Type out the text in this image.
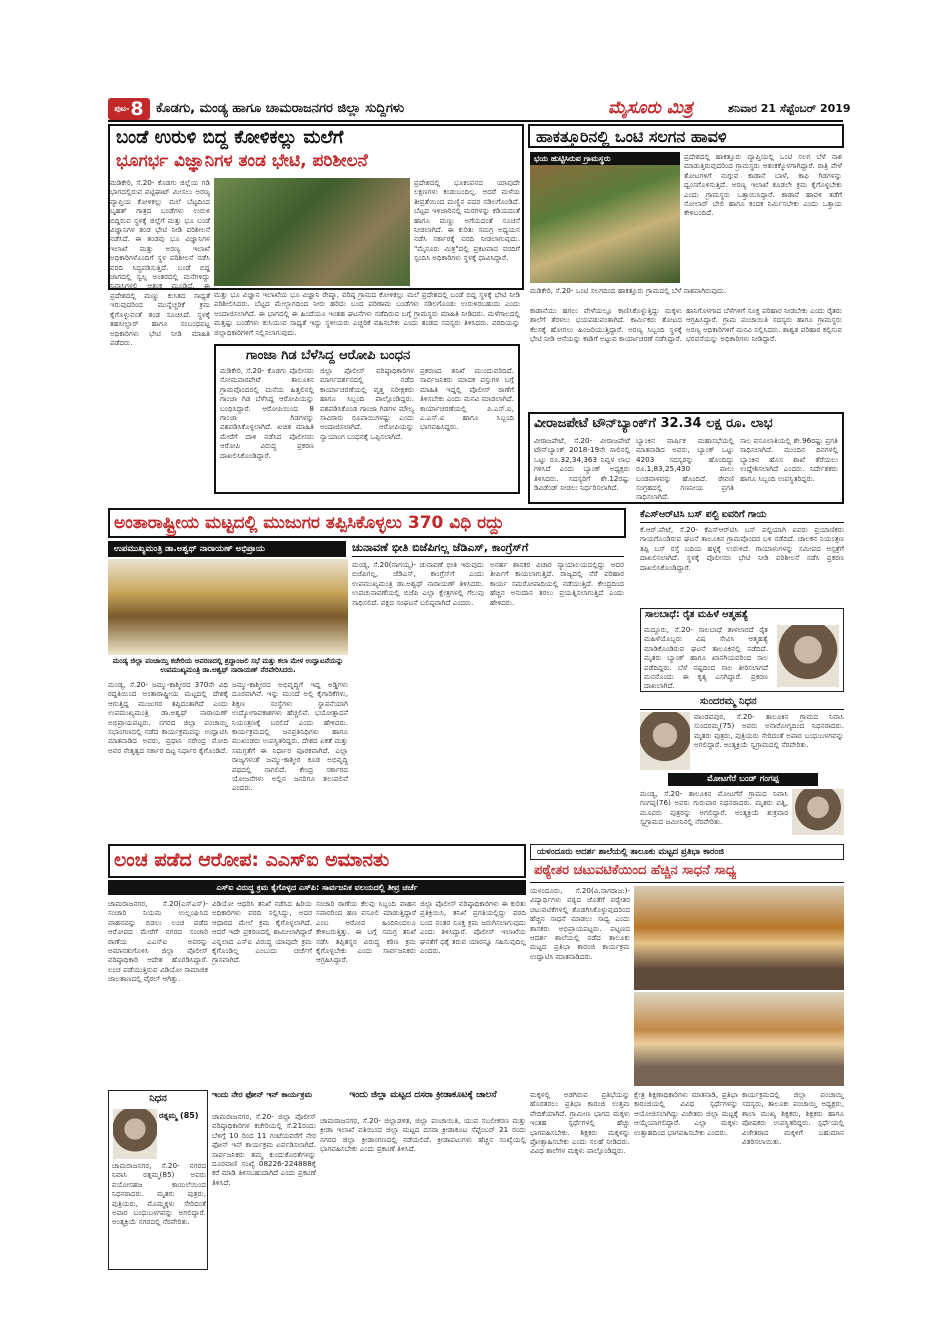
ಪುಟ- 8 ಕೊಡಗು, ಮಂಡ್ಯ ಹಾಗೂ ಚಾಮರಾಜನಗರ ಜಿಲ್ಲಾ ಸುದ್ದಿಗಳು	ಮೈಸೂರು ಮಿತ್ರ	ಶನಿವಾರ 21 ಸೆಪ್ಟೆಂಬರ್ 2019
ಬಂಡೆ ಉರುಳಿ ಬಿದ್ದ ಕೋಳಿಕಲ್ಲು ಮಲೆಗೆ
ಭೂಗರ್ಭ ವಿಜ್ಞಾನಿಗಳ ತಂಡ ಭೇಟಿ, ಪರಿಶೀಲನೆ
ಮಡಿಕೇರಿ, ಸೆ.20- ಕೊಡಗು ಜಿಲ್ಲೆಯ ಗಡಿ ಭಾಗದಲ್ಲಿರುವ ಪಟ್ಟಿಘಾಟ್ ಮೀಸಲು ಅರಣ್ಯ ವ್ಯಾಪ್ತಿಯ ಕೋಳಿಕಲ್ಲು ಮಲೆ ಬೆಟ್ಟದಿಂದ ಬೃಹತ್ ಗಾತ್ರದ ಬಂಡೆಗಳು ಉರುಳಿ ಬಿದ್ದಿರುವ ಸ್ಥಳಕ್ಕೆ ಜಿಲ್ಲೆಗೆ ಮತ್ತು ಭೂ ಬಂಡೆ ವಿಜ್ಞಾನಿಗಳ ತಂಡ ಭೇಟಿ ನೀಡಿ ಪರಿಶೀಲನೆ ನಡೆಸಿದೆ. ಈ ತಂಡವು ಭೂ ವಿಜ್ಞಾನಿಗಳ ಇಲಾಖೆ ಮತ್ತು ಅರಣ್ಯ ಇಲಾಖೆ ಅಧಿಕಾರಿಗಳೊಂದಿಗೆ ಸ್ಥಳ ಪರಿಶೀಲನೆ ನಡೆಸಿ ವರದಿ ಸಿದ್ಧಪಡಿಸುತ್ತಿದೆ. ಬಂಡೆ ಬಿದ್ದ ಜಾಗದಲ್ಲಿ ಸ್ವಲ್ಪ ಅಂತರದಲ್ಲಿ ಮನೆಗಳಿದ್ದು ನಿವಾಸಿಗಳಲ್ಲಿ ಆತಂಕ ಮೂಡಿದೆ. ಈ ಪ್ರದೇಶದಲ್ಲಿ ಮಣ್ಣು ಕುಸಿತದ ಸಾಧ್ಯತೆ ಇರುವುದರಿಂದ ಮುನ್ನೆಚ್ಚರಿಕೆ ಕ್ರಮ ಕೈಗೊಳ್ಳುವಂತೆ ತಂಡ ಸೂಚಿಸಿದೆ. ಸ್ಥಳಕ್ಕೆ ತಹಸೀಲ್ದಾರ್ ಹಾಗೂ ಸಂಬಂಧಪಟ್ಟ ಅಧಿಕಾರಿಗಳು ಭೇಟಿ ನೀಡಿ ಮಾಹಿತಿ ಪಡೆದರು.
ಪ್ರದೇಶದಲ್ಲಿ ಭೂಕಂಪನದ ಯಾವುದೇ ಲಕ್ಷಣಗಳು ಕಂಡುಬಂದಿಲ್ಲ. ಆದರೆ ಮಳೆಯ ತೀವ್ರತೆಯಿಂದ ಮಣ್ಣಿನ ಪದರ ಸಡಿಲಗೊಂಡಿದೆ. ಬೆಟ್ಟದ ಇಳಿಜಾರಿನಲ್ಲಿ ಮರಗಳನ್ನು ಕಡಿಯದಂತೆ ಹಾಗೂ ಮಣ್ಣು ಅಗೆಯದಂತೆ ಸೂಚನೆ ನೀಡಲಾಗಿದೆ. ಈ ಕುರಿತು ಸಮಗ್ರ ಅಧ್ಯಯನ ನಡೆಸಿ ಸರ್ಕಾರಕ್ಕೆ ವರದಿ ನೀಡಲಾಗುವುದು. "ಮೈಸೂರು ಮಿತ್ರ"ದಲ್ಲಿ ಪ್ರಕಟವಾದ ವರದಿಗೆ ಸ್ಪಂದಿಸಿ ಅಧಿಕಾರಿಗಳು ಸ್ಥಳಕ್ಕೆ ಧಾವಿಸಿದ್ದಾರೆ.
ಮತ್ತು ಭೂ ವಿಜ್ಞಾನ ಇಲಾಖೆಯ ಭೂ ವಿಜ್ಞಾನಿ ರೇಷ್ಮಾ, ವರಿಷ್ಠ ಗ್ರಾಮದ ಕೋಳಿಕಲ್ಲು ಮಲೆ ಪ್ರದೇಶದಲ್ಲಿ ಬಂಡೆ ಬಿದ್ದ ಸ್ಥಳಕ್ಕೆ ಭೇಟಿ ನೀಡಿ ಪರಿಶೀಲಿಸಿದರು. ಬೆಟ್ಟದ ಮೇಲ್ಭಾಗದಿಂದ ನೀರು ಹರಿದು ಬಂದ ಪರಿಣಾಮ ಬಂಡೆಗಳು ಸಡಿಲಗೊಂಡು ಉರುಳಿರಬಹುದು ಎಂದು ಅಂದಾಜಿಸಲಾಗಿದೆ. ಈ ಭಾಗದಲ್ಲಿ ಈ ಹಿಂದೆಯೂ ಇಂತಹ ಘಟನೆಗಳು ನಡೆದಿರುವ ಬಗ್ಗೆ ಗ್ರಾಮಸ್ಥರು ಮಾಹಿತಿ ನೀಡಿದರು. ಮಳೆಗಾಲದಲ್ಲಿ ಮತ್ತಷ್ಟು ಬಂಡೆಗಳು ಕುಸಿಯುವ ಸಾಧ್ಯತೆ ಇದ್ದು ಸ್ಥಳೀಯರು ಎಚ್ಚರಿಕೆ ವಹಿಸಬೇಕು ಎಂದು ತಂಡದ ಸದಸ್ಯರು ತಿಳಿಸಿದರು. ವರದಿಯನ್ನು ಜಿಲ್ಲಾಧಿಕಾರಿಗಳಿಗೆ ಸಲ್ಲಿಸಲಾಗುವುದು.
ಗಾಂಜಾ ಗಿಡ ಬೆಳೆಸಿದ್ದ ಆರೋಪಿ ಬಂಧನ
ಮಡಿಕೇರಿ, ಸೆ.20- ಕೊಡಗು ಪೊಲೀಸರು ಸೋಮವಾರಪೇಟೆ ತಾಲೂಕಿನ ಗ್ರಾಮವೊಂದರಲ್ಲಿ ಮನೆಯ ಹಿತ್ತಲಿನಲ್ಲಿ ಗಾಂಜಾ ಗಿಡ ಬೆಳೆಸಿದ್ದ ಆರೋಪಿಯನ್ನು ಬಂಧಿಸಿದ್ದಾರೆ. ಆರೋಪಿಯಿಂದ 8 ಗಾಂಜಾ ಗಿಡಗಳನ್ನು ವಶಪಡಿಸಿಕೊಳ್ಳಲಾಗಿದೆ. ಖಚಿತ ಮಾಹಿತಿ ಮೇರೆಗೆ ದಾಳಿ ನಡೆಸಿದ ಪೊಲೀಸರು ಆರೋಪಿ ವಿರುದ್ಧ ಪ್ರಕರಣ ದಾಖಲಿಸಿಕೊಂಡಿದ್ದಾರೆ.
ಜಿಲ್ಲಾ ಪೊಲೀಸ್ ವರಿಷ್ಠಾಧಿಕಾರಿಗಳ ಮಾರ್ಗದರ್ಶನದಲ್ಲಿ ನಡೆದ ಕಾರ್ಯಾಚರಣೆಯಲ್ಲಿ ವೃತ್ತ ನಿರೀಕ್ಷಕರು ಹಾಗೂ ಸಿಬ್ಬಂದಿ ಪಾಲ್ಗೊಂಡಿದ್ದರು. ವಶಪಡಿಸಿಕೊಂಡ ಗಾಂಜಾ ಗಿಡಗಳ ಮೌಲ್ಯ ಸಾವಿರಾರು ರೂಪಾಯಿಗಳಷ್ಟು ಎಂದು ಅಂದಾಜಿಸಲಾಗಿದೆ. ಆರೋಪಿಯನ್ನು ನ್ಯಾಯಾಂಗ ಬಂಧನಕ್ಕೆ ಒಪ್ಪಿಸಲಾಗಿದೆ.
ಪ್ರಕರಣದ ತನಿಖೆ ಮುಂದುವರಿದಿದೆ. ಸಾರ್ವಜನಿಕರು ಮಾದಕ ವಸ್ತುಗಳ ಬಗ್ಗೆ ಮಾಹಿತಿ ಇದ್ದಲ್ಲಿ ಪೊಲೀಸ್ ಠಾಣೆಗೆ ತಿಳಿಸಬೇಕು ಎಂದು ಮನವಿ ಮಾಡಲಾಗಿದೆ. ಕಾರ್ಯಾಚರಣೆಯಲ್ಲಿ ಪಿ.ಎಸ್.ಐ, ಎ.ಎಸ್.ಐ ಹಾಗೂ ಸಿಬ್ಬಂದಿ ಭಾಗವಹಿಸಿದ್ದರು.
ಹಾಕತ್ತೂರಿನಲ್ಲಿ ಒಂಟಿ ಸಲಗನ ಹಾವಳಿ
ಭಯ ಹುಟ್ಟಿಸಿರುವ ಗ್ರಾಮಸ್ಥರು	ಪ್ರದೇಶದಲ್ಲಿ ಹಾಕತ್ತೂರು ವ್ಯಾಪ್ತಿಯಲ್ಲಿ ಒಂಟಿ ಸಲಗ ಬೆಳೆ ನಾಶ ಮಾಡುತ್ತಿರುವುದರಿಂದ ಗ್ರಾಮಸ್ಥರು ಆತಂಕಕ್ಕೊಳಗಾಗಿದ್ದಾರೆ. ರಾತ್ರಿ ವೇಳೆ ತೋಟಗಳಿಗೆ ನುಗ್ಗುವ ಕಾಡಾನೆ ಬಾಳೆ, ಕಾಫಿ ಗಿಡಗಳನ್ನು ಧ್ವಂಸಗೊಳಿಸುತ್ತಿದೆ. ಅರಣ್ಯ ಇಲಾಖೆ ಕೂಡಲೇ ಕ್ರಮ ಕೈಗೊಳ್ಳಬೇಕು ಎಂದು ಗ್ರಾಮಸ್ಥರು ಒತ್ತಾಯಿಸಿದ್ದಾರೆ. ಕಾಡಾನೆ ಹಾವಳಿ ತಡೆಗೆ ಸೋಲಾರ್ ಬೇಲಿ ಹಾಗೂ ಕಂದಕ ನಿರ್ಮಿಸಬೇಕು ಎಂದು ಒತ್ತಾಯ ಕೇಳಿಬಂದಿದೆ.
ಮಡಿಕೇರಿ, ಸೆ.20- ಒಂಟಿ ಸಲಗದಿಂದ ಹಾಕತ್ತೂರು ಗ್ರಾಮದಲ್ಲಿ ಬೆಳೆ ನಾಶವಾಗಿರುವುದು.
ಕಾಡಾನೆಯು ಹಗಲು ವೇಳೆಯಲ್ಲೂ ಕಾಣಿಸಿಕೊಳ್ಳುತ್ತಿದ್ದು ಮಕ್ಕಳು ಶಾಲೆಗೆ ತೆರಳಲು ಭಯಪಡುವಂತಾಗಿದೆ. ಕಾರ್ಮಿಕರು ತೋಟದ ಕೆಲಸಕ್ಕೆ ಹೋಗಲು ಹಿಂಜರಿಯುತ್ತಿದ್ದಾರೆ. ಅರಣ್ಯ ಸಿಬ್ಬಂದಿ ಸ್ಥಳಕ್ಕೆ ಭೇಟಿ ನೀಡಿ ಆನೆಯನ್ನು ಕಾಡಿಗೆ ಅಟ್ಟುವ ಕಾರ್ಯಾಚರಣೆ ನಡೆಸಿದ್ದಾರೆ.
ಹಾನಿಗೊಳಗಾದ ಬೆಳೆಗಳಿಗೆ ಸೂಕ್ತ ಪರಿಹಾರ ನೀಡಬೇಕು ಎಂದು ರೈತರು ಆಗ್ರಹಿಸಿದ್ದಾರೆ. ಗ್ರಾಮ ಪಂಚಾಯಿತಿ ಸದಸ್ಯರು ಹಾಗೂ ಗ್ರಾಮಸ್ಥರು ಅರಣ್ಯ ಅಧಿಕಾರಿಗಳಿಗೆ ಮನವಿ ಸಲ್ಲಿಸಿದರು. ಶಾಶ್ವತ ಪರಿಹಾರ ಕಲ್ಪಿಸುವ ಭರವಸೆಯನ್ನು ಅಧಿಕಾರಿಗಳು ನೀಡಿದ್ದಾರೆ.
ವೀರಾಜಪೇಟೆ ಟೌನ್‌ಬ್ಯಾಂಕ್‌ಗೆ 32.34 ಲಕ್ಷ ರೂ. ಲಾಭ
ವೀರಾಜಪೇಟೆ, ಸೆ.20- ವೀರಾಜಪೇಟೆ ಟೌನ್‌ಬ್ಯಾಂಕ್ 2018-19ನೇ ಸಾಲಿನಲ್ಲಿ ಒಟ್ಟು ರೂ.32,34,363 ನಿವ್ವಳ ಲಾಭ ಗಳಿಸಿದೆ ಎಂದು ಬ್ಯಾಂಕ್ ಅಧ್ಯಕ್ಷರು ತಿಳಿಸಿದರು. ಸದಸ್ಯರಿಗೆ ಶೇ.12ರಷ್ಟು ಡಿವಿಡೆಂಡ್ ನೀಡಲು ನಿರ್ಧರಿಸಲಾಗಿದೆ.
ಬ್ಯಾಂಕಿನ ವಾರ್ಷಿಕ ಮಹಾಸಭೆಯಲ್ಲಿ ಮಾತನಾಡಿದ ಅವರು, ಬ್ಯಾಂಕ್ ಒಟ್ಟು 4203 ಸದಸ್ಯರನ್ನು ಹೊಂದಿದ್ದು ರೂ.1,83,25,430 ಪಾಲು ಬಂಡವಾಳವನ್ನು ಹೊಂದಿದೆ. ಠೇವಣಿ ಸಂಗ್ರಹದಲ್ಲಿ ಗಣನೀಯ ಪ್ರಗತಿ ಸಾಧಿಸಲಾಗಿದೆ.
ಸಾಲ ವಸೂಲಾತಿಯಲ್ಲಿ ಶೇ.96ರಷ್ಟು ಪ್ರಗತಿ ಸಾಧಿಸಲಾಗಿದೆ. ಮುಂದಿನ ದಿನಗಳಲ್ಲಿ ಬ್ಯಾಂಕಿನ ಹೊಸ ಶಾಖೆ ತೆರೆಯಲು ಉದ್ದೇಶಿಸಲಾಗಿದೆ ಎಂದರು. ನಿರ್ದೇಶಕರು ಹಾಗೂ ಸಿಬ್ಬಂದಿ ಉಪಸ್ಥಿತರಿದ್ದರು.
ಅಂತಾರಾಷ್ಟ್ರೀಯ ಮಟ್ಟದಲ್ಲಿ ಮುಜುಗರ ತಪ್ಪಿಸಿಕೊಳ್ಳಲು 370 ವಿಧಿ ರದ್ದು
ಉಪಮುಖ್ಯಮಂತ್ರಿ ಡಾ.ಅಶ್ವಥ್ ನಾರಾಯಣ್ ಅಭಿಪ್ರಾಯ
ಮಂಡ್ಯ ಜಿಲ್ಲಾ ಪಂಚಾಯ್ತಿ ಕಚೇರಿಯ ಆವರಣದಲ್ಲಿ ಶ್ರದ್ಧಾಂಜಲಿ ಸಭೆ ಮತ್ತು ಕಲಾ ಮೇಳ ಉದ್ಘಾಟನೆಯನ್ನು ಉಪಮುಖ್ಯಮಂತ್ರಿ ಡಾ.ಅಶ್ವಥ್ ನಾರಾಯಣ್ ನೆರವೇರಿಸಿದರು.
ಮಂಡ್ಯ, ಸೆ.20- ಜಮ್ಮು-ಕಾಶ್ಮೀರದ 370ನೇ ವಿಧಿ ರದ್ದತಿಯಿಂದ ಅಂತಾರಾಷ್ಟ್ರೀಯ ಮಟ್ಟದಲ್ಲಿ ದೇಶಕ್ಕೆ ಆಗುತ್ತಿದ್ದ ಮುಜುಗರ ತಪ್ಪಿದಂತಾಗಿದೆ ಎಂದು ಉಪಮುಖ್ಯಮಂತ್ರಿ ಡಾ.ಅಶ್ವಥ್ ನಾರಾಯಣ್ ಅಭಿಪ್ರಾಯಪಟ್ಟರು. ನಗರದ ಜಿಲ್ಲಾ ಪಂಚಾಯ್ತಿ ಸಭಾಂಗಣದಲ್ಲಿ ನಡೆದ ಕಾರ್ಯಕ್ರಮವನ್ನು ಉದ್ಘಾಟಿಸಿ ಮಾತನಾಡಿದ ಅವರು, ಪ್ರಧಾನಿ ನರೇಂದ್ರ ಮೋದಿ ಅವರ ನೇತೃತ್ವದ ಸರ್ಕಾರ ದಿಟ್ಟ ನಿರ್ಧಾರ ಕೈಗೊಂಡಿದೆ.
ಜಮ್ಮು-ಕಾಶ್ಮೀರದ ಅಭಿವೃದ್ಧಿಗೆ ಇದ್ದ ಅಡ್ಡಿಗಳು ದೂರವಾಗಿವೆ. ಇನ್ನು ಮುಂದೆ ಅಲ್ಲಿ ಕೈಗಾರಿಕೆಗಳು, ಶಿಕ್ಷಣ ಸಂಸ್ಥೆಗಳು ಸ್ಥಾಪನೆಯಾಗಿ ಉದ್ಯೋಗಾವಕಾಶಗಳು ಹೆಚ್ಚಲಿವೆ. ಭಯೋತ್ಪಾದನೆ ನಿಯಂತ್ರಣಕ್ಕೆ ಬರಲಿದೆ ಎಂದು ಹೇಳಿದರು. ಕಾರ್ಯಕ್ರಮದಲ್ಲಿ ಜನಪ್ರತಿನಿಧಿಗಳು ಹಾಗೂ ಮುಖಂಡರು ಉಪಸ್ಥಿತರಿದ್ದರು. ದೇಶದ ಏಕತೆ ಮತ್ತು ಸಮಗ್ರತೆಗೆ ಈ ನಿರ್ಧಾರ ಪೂರಕವಾಗಿದೆ. ಎಲ್ಲಾ ರಾಜ್ಯಗಳಂತೆ ಜಮ್ಮು-ಕಾಶ್ಮೀರ ಕೂಡ ಅಭಿವೃದ್ಧಿ ಪಥದಲ್ಲಿ ಸಾಗಲಿದೆ. ಕೇಂದ್ರ ಸರ್ಕಾರದ ಯೋಜನೆಗಳು ಅಲ್ಲಿನ ಜನರಿಗೂ ತಲುಪಲಿವೆ ಎಂದರು.
ಚುನಾವಣೆ ಭೀತಿ ಬಿಜೆಪಿಗಲ್ಲ ಜೆಡಿಎಸ್, ಕಾಂಗ್ರೆಸ್‌ಗೆ
ಮಂಡ್ಯ, ಸೆ.20(ನಾಗಯ್ಯ)- ಚುನಾವಣೆ ಭೀತಿ ಇರುವುದು ಬಿಜೆಪಿಗಲ್ಲ, ಜೆಡಿಎಸ್, ಕಾಂಗ್ರೆಸ್‌ಗೆ ಎಂದು ಉಪಮುಖ್ಯಮಂತ್ರಿ ಡಾ.ಅಶ್ವಥ್ ನಾರಾಯಣ್ ತಿಳಿಸಿದರು. ಉಪಚುನಾವಣೆಯಲ್ಲಿ ಬಿಜೆಪಿ ಎಲ್ಲಾ ಕ್ಷೇತ್ರಗಳಲ್ಲಿ ಗೆಲುವು ಸಾಧಿಸಲಿದೆ. ಪಕ್ಷದ ಸಂಘಟನೆ ಬಲಿಷ್ಠವಾಗಿದೆ ಎಂದರು.
ಅನರ್ಹ ಶಾಸಕರ ವಿಚಾರ ನ್ಯಾಯಾಲಯದಲ್ಲಿದ್ದು ಅದರ ತೀರ್ಪಿಗೆ ಕಾಯಲಾಗುತ್ತಿದೆ. ರಾಜ್ಯದಲ್ಲಿ ನೆರೆ ಪರಿಹಾರ ಕಾರ್ಯ ಸಮರೋಪಾದಿಯಲ್ಲಿ ನಡೆಯುತ್ತಿದೆ. ಕೇಂದ್ರದಿಂದ ಹೆಚ್ಚಿನ ಅನುದಾನ ತರಲು ಪ್ರಯತ್ನಿಸಲಾಗುತ್ತಿದೆ ಎಂದು ಹೇಳಿದರು.
ಕೆಎಸ್‌ಆರ್‌ಟಿಸಿ ಬಸ್ ಪಲ್ಟಿ ಐವರಿಗೆ ಗಾಯ
ಕೆ.ಆರ್.ಪೇಟೆ, ಸೆ.20- ಕೆಎಸ್‌ಆರ್‌ಟಿಸಿ ಬಸ್ ಪಲ್ಟಿಯಾಗಿ ಐವರು ಪ್ರಯಾಣಿಕರು ಗಾಯಗೊಂಡಿರುವ ಘಟನೆ ತಾಲೂಕಿನ ಗ್ರಾಮವೊಂದರ ಬಳಿ ನಡೆದಿದೆ. ಚಾಲಕನ ನಿಯಂತ್ರಣ ತಪ್ಪಿ ಬಸ್ ರಸ್ತೆ ಬದಿಯ ಹಳ್ಳಕ್ಕೆ ಉರುಳಿದೆ. ಗಾಯಾಳುಗಳನ್ನು ಸಮೀಪದ ಆಸ್ಪತ್ರೆಗೆ ದಾಖಲಿಸಲಾಗಿದೆ. ಸ್ಥಳಕ್ಕೆ ಪೊಲೀಸರು ಭೇಟಿ ನೀಡಿ ಪರಿಶೀಲನೆ ನಡೆಸಿ ಪ್ರಕರಣ ದಾಖಲಿಸಿಕೊಂಡಿದ್ದಾರೆ.
ಸಾಲಬಾಧೆ: ರೈತ ಮಹಿಳೆ ಆತ್ಮಹತ್ಯೆ
ಮದ್ದೂರು, ಸೆ.20- ಸಾಲಬಾಧೆ ತಾಳಲಾರದೆ ರೈತ ಮಹಿಳೆಯೊಬ್ಬರು ವಿಷ ಸೇವಿಸಿ ಆತ್ಮಹತ್ಯೆ ಮಾಡಿಕೊಂಡಿರುವ ಘಟನೆ ತಾಲೂಕಿನಲ್ಲಿ ನಡೆದಿದೆ. ಮೃತರು ಬ್ಯಾಂಕ್ ಹಾಗೂ ಖಾಸಗಿಯವರಿಂದ ಸಾಲ ಪಡೆದಿದ್ದರು. ಬೆಳೆ ನಷ್ಟದಿಂದ ಸಾಲ ತೀರಿಸಲಾಗದೆ ಮನನೊಂದು ಈ ಕೃತ್ಯ ಎಸಗಿದ್ದಾರೆ. ಪ್ರಕರಣ ದಾಖಲಾಗಿದೆ.
ಸುಂದರಮ್ಮ ನಿಧನ
ಪಾಂಡವಪುರ, ಸೆ.20- ತಾಲೂಕಿನ ಗ್ರಾಮದ ನಿವಾಸಿ ಸುಂದರಮ್ಮ(75) ಅವರು ಅನಾರೋಗ್ಯದಿಂದ ನಿಧನರಾದರು. ಮೃತರು ಪುತ್ರರು, ಪುತ್ರಿಯರು ಸೇರಿದಂತೆ ಅಪಾರ ಬಂಧುಬಳಗವನ್ನು ಅಗಲಿದ್ದಾರೆ. ಅಂತ್ಯಕ್ರಿಯೆ ಸ್ವಗ್ರಾಮದಲ್ಲಿ ನೆರವೇರಿತು.
ಮೋಟಗೆರೆ ಬಂಡ್ ಗಂಗಪ್ಪ
ಮಂಡ್ಯ, ಸೆ.20- ತಾಲೂಕಿನ ಮೋಟಗೆರೆ ಗ್ರಾಮದ ನಿವಾಸಿ ಗಂಗಪ್ಪ(76) ಅವರು ಗುರುವಾರ ನಿಧನರಾದರು. ಮೃತರು ಪತ್ನಿ, ಮೂವರು ಪುತ್ರರನ್ನು ಅಗಲಿದ್ದಾರೆ. ಅಂತ್ಯಕ್ರಿಯೆ ಶುಕ್ರವಾರ ಸ್ವಗ್ರಾಮದ ಜಮೀನಿನಲ್ಲಿ ನೆರವೇರಿತು.
ಲಂಚ ಪಡೆದ ಆರೋಪ: ಎಎಸ್‌ಐ ಅಮಾನತು
ಎಸ್‌ಐ ವಿರುದ್ಧ ಕ್ರಮ ಕೈಗೊಳ್ಳದ ಎಸ್‌ಪಿ: ಸಾರ್ವಜನಿಕ ವಲಯದಲ್ಲಿ ತೀವ್ರ ಚರ್ಚೆ
ಚಾಮರಾಜನಗರ, ಸೆ.20(ಎಸ್‌ಎಸ್)- ಸಂಚಾರಿ ನಿಯಮ ಉಲ್ಲಂಘಿಸಿದ ವಾಹನವನ್ನು ಬಿಡಲು ಲಂಚ ಪಡೆದ ಆರೋಪದ ಮೇರೆಗೆ ನಗರದ ಸಂಚಾರಿ ಠಾಣೆಯ ಎಎಸ್‌ಐ ಅವರನ್ನು ಅಮಾನತುಗೊಳಿಸಿ ಜಿಲ್ಲಾ ಪೊಲೀಸ್ ವರಿಷ್ಠಾಧಿಕಾರಿ ಆದೇಶ ಹೊರಡಿಸಿದ್ದಾರೆ. ಲಂಚ ಪಡೆಯುತ್ತಿರುವ ವಿಡಿಯೋ ಸಾಮಾಜಿಕ ಜಾಲತಾಣದಲ್ಲಿ ವೈರಲ್ ಆಗಿತ್ತು.
ವಿಡಿಯೋ ಆಧರಿಸಿ ತನಿಖೆ ನಡೆಸಿದ ಹಿರಿಯ ಅಧಿಕಾರಿಗಳು ವರದಿ ಸಲ್ಲಿಸಿದ್ದು, ಅದರ ಆಧಾರದ ಮೇಲೆ ಕ್ರಮ ಕೈಗೊಳ್ಳಲಾಗಿದೆ. ಆದರೆ ಇದೇ ಪ್ರಕರಣದಲ್ಲಿ ಶಾಮೀಲಾಗಿದ್ದಾರೆ ಎನ್ನಲಾದ ಎಸ್‌ಐ ವಿರುದ್ಧ ಯಾವುದೇ ಕ್ರಮ ಕೈಗೊಂಡಿಲ್ಲ ಎಂಬುದು ಚರ್ಚೆಗೆ ಗ್ರಾಸವಾಗಿದೆ.
ಸಂಚಾರಿ ಠಾಣೆಯ ಕೆಲವು ಸಿಬ್ಬಂದಿ ವಾಹನ ಸವಾರರಿಂದ ಹಣ ವಸೂಲಿ ಮಾಡುತ್ತಿದ್ದಾರೆ ಎಂಬ ಆರೋಪ ಹಿಂದಿನಿಂದಲೂ ಕೇಳಿಬರುತ್ತಿತ್ತು. ಈ ಬಗ್ಗೆ ಸಮಗ್ರ ತನಿಖೆ ನಡೆಸಿ ತಪ್ಪಿತಸ್ಥರ ವಿರುದ್ಧ ಕಠಿಣ ಕ್ರಮ ಕೈಗೊಳ್ಳಬೇಕು ಎಂದು ಸಾರ್ವಜನಿಕರು ಆಗ್ರಹಿಸಿದ್ದಾರೆ.
ಜಿಲ್ಲಾ ಪೊಲೀಸ್ ವರಿಷ್ಠಾಧಿಕಾರಿಗಳು ಈ ಕುರಿತು ಪ್ರತಿಕ್ರಿಯಿಸಿ, ತನಿಖೆ ಪ್ರಗತಿಯಲ್ಲಿದ್ದು ವರದಿ ಬಂದ ನಂತರ ಸೂಕ್ತ ಕ್ರಮ ಜರುಗಿಸಲಾಗುವುದು ಎಂದು ತಿಳಿಸಿದ್ದಾರೆ. ಪೊಲೀಸ್ ಇಲಾಖೆಯ ಘನತೆಗೆ ಧಕ್ಕೆ ತರುವ ಯಾರನ್ನೂ ಸಹಿಸುವುದಿಲ್ಲ ಎಂದರು.
ಯಳಂದೂರು ಆದರ್ಶ ಶಾಲೆಯಲ್ಲಿ ತಾಲೂಕು ಮಟ್ಟದ ಪ್ರತಿಭಾ ಕಾರಂಜಿ
ಪಠ್ಯೇತರ ಚಟುವಟಿಕೆಯಿಂದ ಹೆಚ್ಚಿನ ಸಾಧನೆ ಸಾಧ್ಯ
ಯಳಂದೂರು, ಸೆ.20(ವಿ.ನಾಗರಾಜು)- ವಿದ್ಯಾರ್ಥಿಗಳು ಪಠ್ಯದ ಜೊತೆಗೆ ಪಠ್ಯೇತರ ಚಟುವಟಿಕೆಗಳಲ್ಲಿ ತೊಡಗಿಸಿಕೊಳ್ಳುವುದರಿಂದ ಹೆಚ್ಚಿನ ಸಾಧನೆ ಮಾಡಲು ಸಾಧ್ಯ ಎಂದು ಶಾಸಕರು ಅಭಿಪ್ರಾಯಪಟ್ಟರು. ಪಟ್ಟಣದ ಆದರ್ಶ ಶಾಲೆಯಲ್ಲಿ ನಡೆದ ತಾಲೂಕು ಮಟ್ಟದ ಪ್ರತಿಭಾ ಕಾರಂಜಿ ಕಾರ್ಯಕ್ರಮ ಉದ್ಘಾಟಿಸಿ ಮಾತನಾಡಿದರು.
ನಿಧನ
ರತ್ನಮ್ಮ (85)
ಚಾಮರಾಜನಗರ, ಸೆ.20- ನಗರದ ನಿವಾಸಿ ರತ್ನಮ್ಮ(85) ಅವರು ವಯೋಸಹಜ ಕಾಯಿಲೆಯಿಂದ ನಿಧನರಾದರು. ಮೃತರು ಪುತ್ರರು, ಪುತ್ರಿಯರು, ಮೊಮ್ಮಕ್ಕಳು ಸೇರಿದಂತೆ ಅಪಾರ ಬಂಧುಬಳಗವನ್ನು ಅಗಲಿದ್ದಾರೆ. ಅಂತ್ಯಕ್ರಿಯೆ ನಗರದಲ್ಲಿ ನೆರವೇರಿತು.
ಇಂದು ನೇರ ಫೋನ್ ಇನ್ ಕಾರ್ಯಕ್ರಮ
ಚಾಮರಾಜನಗರ, ಸೆ.20- ಜಿಲ್ಲಾ ಪೊಲೀಸ್ ವರಿಷ್ಠಾಧಿಕಾರಿಗಳ ಕಚೇರಿಯಲ್ಲಿ ಸೆ.21ರಂದು ಬೆಳಿಗ್ಗೆ 10 ರಿಂದ 11 ಗಂಟೆಯವರೆಗೆ ನೇರ ಫೋನ್ ಇನ್ ಕಾರ್ಯಕ್ರಮ ಏರ್ಪಡಿಸಲಾಗಿದೆ. ಸಾರ್ವಜನಿಕರು ತಮ್ಮ ಕುಂದುಕೊರತೆಗಳನ್ನು ದೂರವಾಣಿ ಸಂಖ್ಯೆ 08226-224888ಕ್ಕೆ ಕರೆ ಮಾಡಿ ತಿಳಿಸಬಹುದಾಗಿದೆ ಎಂದು ಪ್ರಕಟಣೆ ತಿಳಿಸಿದೆ.
ಇಂದು ಜಿಲ್ಲಾ ಮಟ್ಟದ ದಸರಾ ಕ್ರೀಡಾಕೂಟಕ್ಕೆ ಚಾಲನೆ
ಚಾಮರಾಜನಗರ, ಸೆ.20- ಜಿಲ್ಲಾಡಳಿತ, ಜಿಲ್ಲಾ ಪಂಚಾಯಿತಿ, ಯುವ ಸಬಲೀಕರಣ ಮತ್ತು ಕ್ರೀಡಾ ಇಲಾಖೆ ವತಿಯಿಂದ ಜಿಲ್ಲಾ ಮಟ್ಟದ ದಸರಾ ಕ್ರೀಡಾಕೂಟ ಸೆಪ್ಟೆಂಬರ್ 21 ರಂದು ನಗರದ ಜಿಲ್ಲಾ ಕ್ರೀಡಾಂಗಣದಲ್ಲಿ ನಡೆಯಲಿದೆ. ಕ್ರೀಡಾಪಟುಗಳು ಹೆಚ್ಚಿನ ಸಂಖ್ಯೆಯಲ್ಲಿ ಭಾಗವಹಿಸಬೇಕು ಎಂದು ಪ್ರಕಟಣೆ ತಿಳಿಸಿದೆ.
ಮಕ್ಕಳಲ್ಲಿ ಅಡಗಿರುವ ಪ್ರತಿಭೆಯನ್ನು ಹೊರತರಲು ಪ್ರತಿಭಾ ಕಾರಂಜಿ ಉತ್ತಮ ವೇದಿಕೆಯಾಗಿದೆ. ಗ್ರಾಮೀಣ ಭಾಗದ ಮಕ್ಕಳು ಇಂತಹ ಸ್ಪರ್ಧೆಗಳಲ್ಲಿ ಹೆಚ್ಚು ಭಾಗವಹಿಸಬೇಕು. ಶಿಕ್ಷಕರು ಮಕ್ಕಳನ್ನು ಪ್ರೋತ್ಸಾಹಿಸಬೇಕು ಎಂದು ಸಲಹೆ ನೀಡಿದರು. ವಿವಿಧ ಶಾಲೆಗಳ ಮಕ್ಕಳು ಪಾಲ್ಗೊಂಡಿದ್ದರು.
ಕ್ಷೇತ್ರ ಶಿಕ್ಷಣಾಧಿಕಾರಿಗಳು ಮಾತನಾಡಿ, ಪ್ರತಿಭಾ ಕಾರಂಜಿಯಲ್ಲಿ ವಿವಿಧ ಸ್ಪರ್ಧೆಗಳನ್ನು ಆಯೋಜಿಸಲಾಗಿದ್ದು ವಿಜೇತರು ಜಿಲ್ಲಾ ಮಟ್ಟಕ್ಕೆ ಆಯ್ಕೆಯಾಗಲಿದ್ದಾರೆ. ಎಲ್ಲಾ ಮಕ್ಕಳು ಉತ್ಸಾಹದಿಂದ ಭಾಗವಹಿಸಬೇಕು ಎಂದರು.
ಕಾರ್ಯಕ್ರಮದಲ್ಲಿ ಜಿಲ್ಲಾ ಪಂಚಾಯ್ತಿ ಸದಸ್ಯರು, ತಾಲೂಕು ಪಂಚಾಯ್ತಿ ಅಧ್ಯಕ್ಷರು, ಶಾಲಾ ಮುಖ್ಯ ಶಿಕ್ಷಕರು, ಶಿಕ್ಷಕರು ಹಾಗೂ ಪೋಷಕರು ಉಪಸ್ಥಿತರಿದ್ದರು. ಸ್ಪರ್ಧೆಯಲ್ಲಿ ವಿಜೇತರಾದ ಮಕ್ಕಳಿಗೆ ಬಹುಮಾನ ವಿತರಿಸಲಾಯಿತು.
